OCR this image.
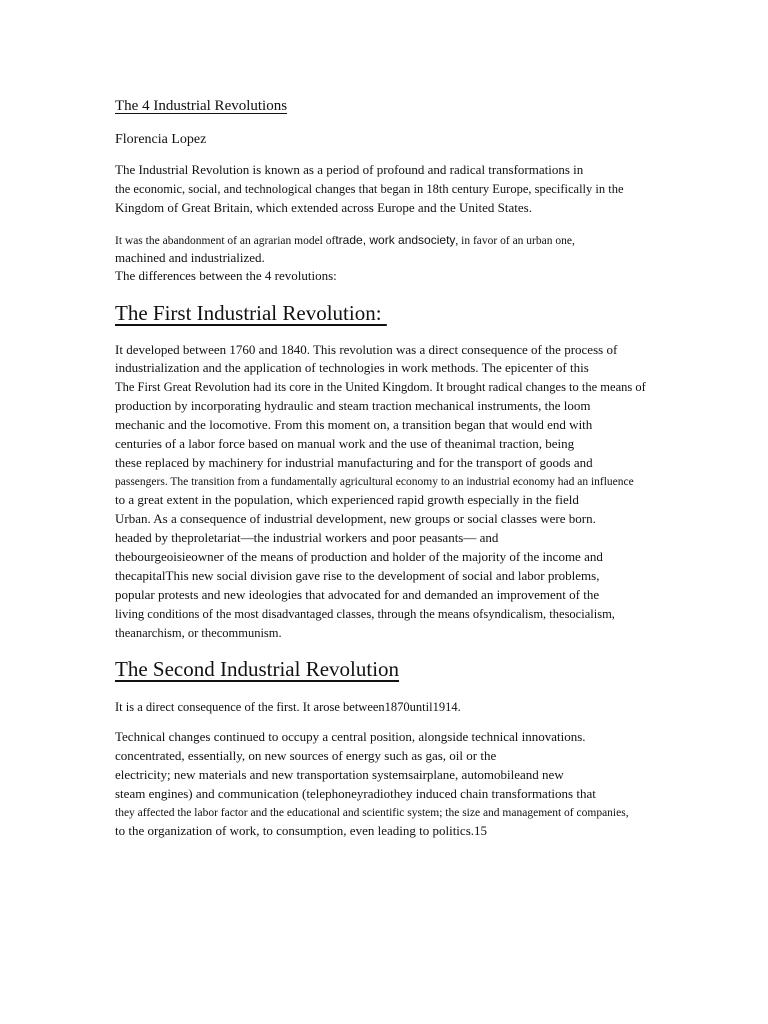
The 4 Industrial Revolutions
Florencia Lopez
The Industrial Revolution is known as a period of profound and radical transformations in
the economic, social, and technological changes that began in 18th century Europe, specifically in the
Kingdom of Great Britain, which extended across Europe and the United States.
It was the abandonment of an agrarian model oftrade, work andsociety, in favor of an urban one,
machined and industrialized.
The differences between the 4 revolutions:
The First Industrial Revolution:
It developed between 1760 and 1840. This revolution was a direct consequence of the process of
industrialization and the application of technologies in work methods. The epicenter of this
The First Great Revolution had its core in the United Kingdom. It brought radical changes to the means of
production by incorporating hydraulic and steam traction mechanical instruments, the loom
mechanic and the locomotive. From this moment on, a transition began that would end with
centuries of a labor force based on manual work and the use of theanimal traction, being
these replaced by machinery for industrial manufacturing and for the transport of goods and
passengers. The transition from a fundamentally agricultural economy to an industrial economy had an influence
to a great extent in the population, which experienced rapid growth especially in the field
Urban. As a consequence of industrial development, new groups or social classes were born.
headed by theproletariat—the industrial workers and poor peasants— and
thebourgeoisieowner of the means of production and holder of the majority of the income and
thecapitalThis new social division gave rise to the development of social and labor problems,
popular protests and new ideologies that advocated for and demanded an improvement of the
living conditions of the most disadvantaged classes, through the means ofsyndicalism, thesocialism,
theanarchism, or thecommunism.
The Second Industrial Revolution
It is a direct consequence of the first. It arose between1870until1914.
Technical changes continued to occupy a central position, alongside technical innovations.
concentrated, essentially, on new sources of energy such as gas, oil or the
electricity; new materials and new transportation systemsairplane, automobileand new
steam engines) and communication (telephoneyradiothey induced chain transformations that
they affected the labor factor and the educational and scientific system; the size and management of companies,
to the organization of work, to consumption, even leading to politics.15
